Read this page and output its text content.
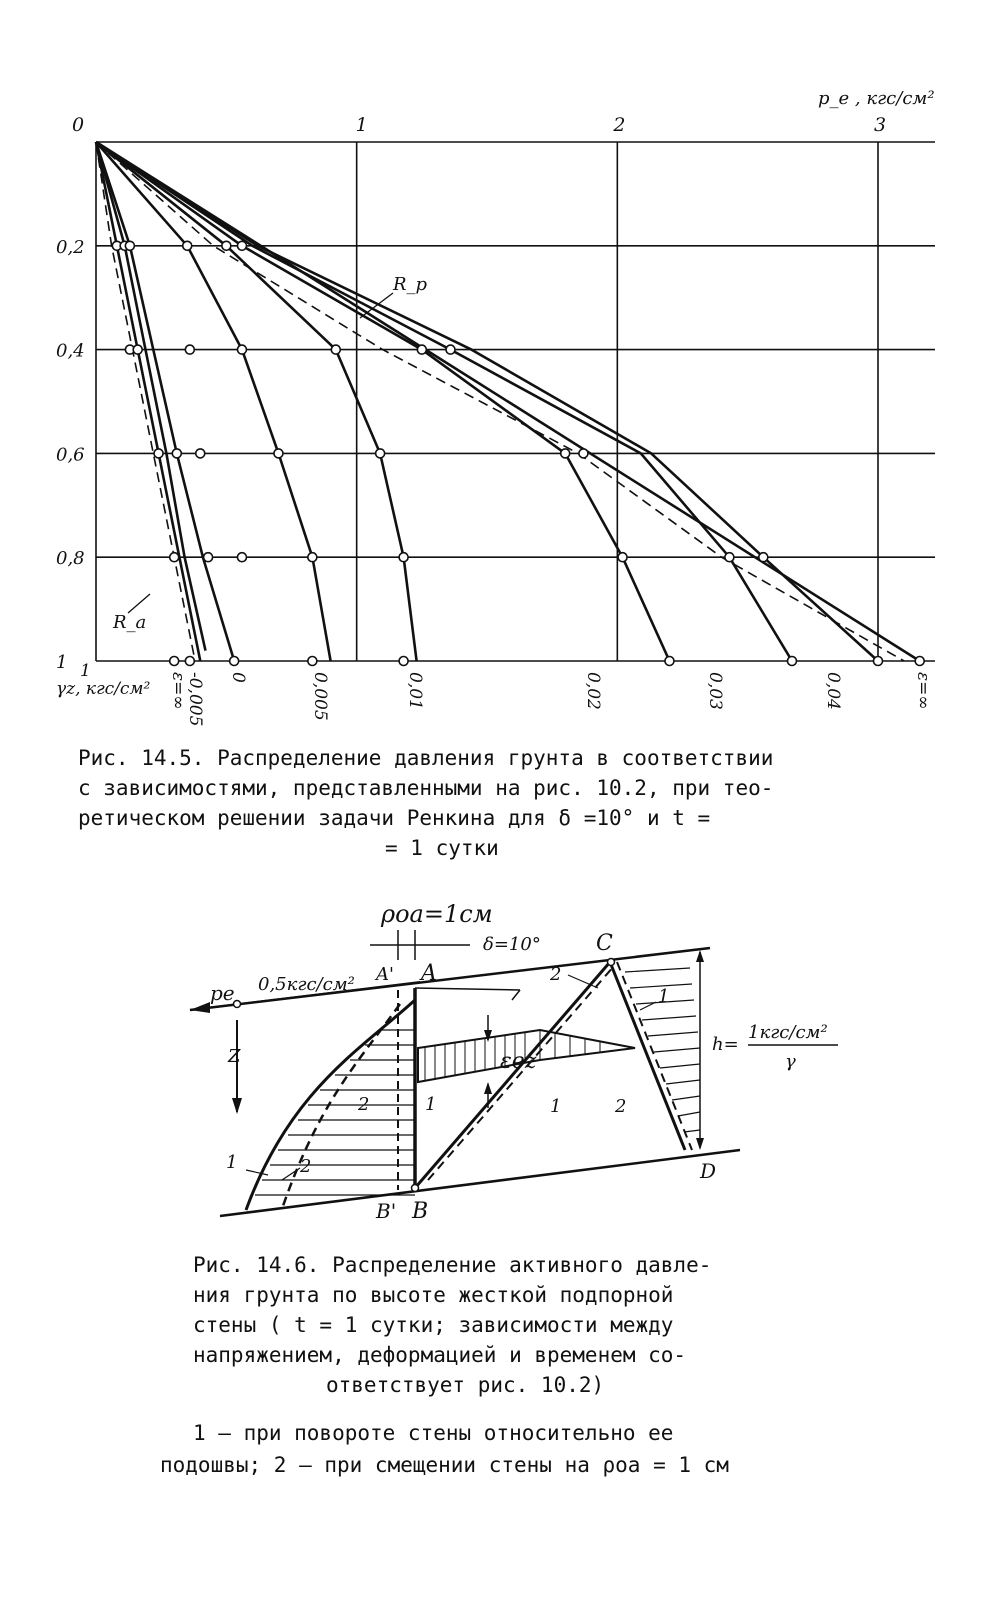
1	2	3
0
p_e , кгс/см²
0,2
0,4
0,6
0,8
1
γz, кгс/см² ε=∞
-0,005 0	0,005	0,01	0,02	0,03	0,04	ε=∞
R_p
R_a
1
Рис. 14.5. Распределение давления грунта в соответствии
с зависимостями, представленными на рис. 10.2, при тео-
ретическом решении задачи Ренкина для δ =10° и t =
= 1 сутки
ρoa=1см
δ=10°
0,5кгс/см² A' A
C
pe
Z	εez
B' B
D
h=
1кгс/см²
γ
1	2
2	1	1
2
1
2
Рис. 14.6. Распределение активного давле-
ния грунта по высоте жесткой подпорной
стены ( t = 1 сутки; зависимости между
напряжением, деформацией и временем со-
ответствует рис. 10.2)
1 – при повороте стены относительно ее
подошвы; 2 – при смещении стены на ρoa = 1 см
